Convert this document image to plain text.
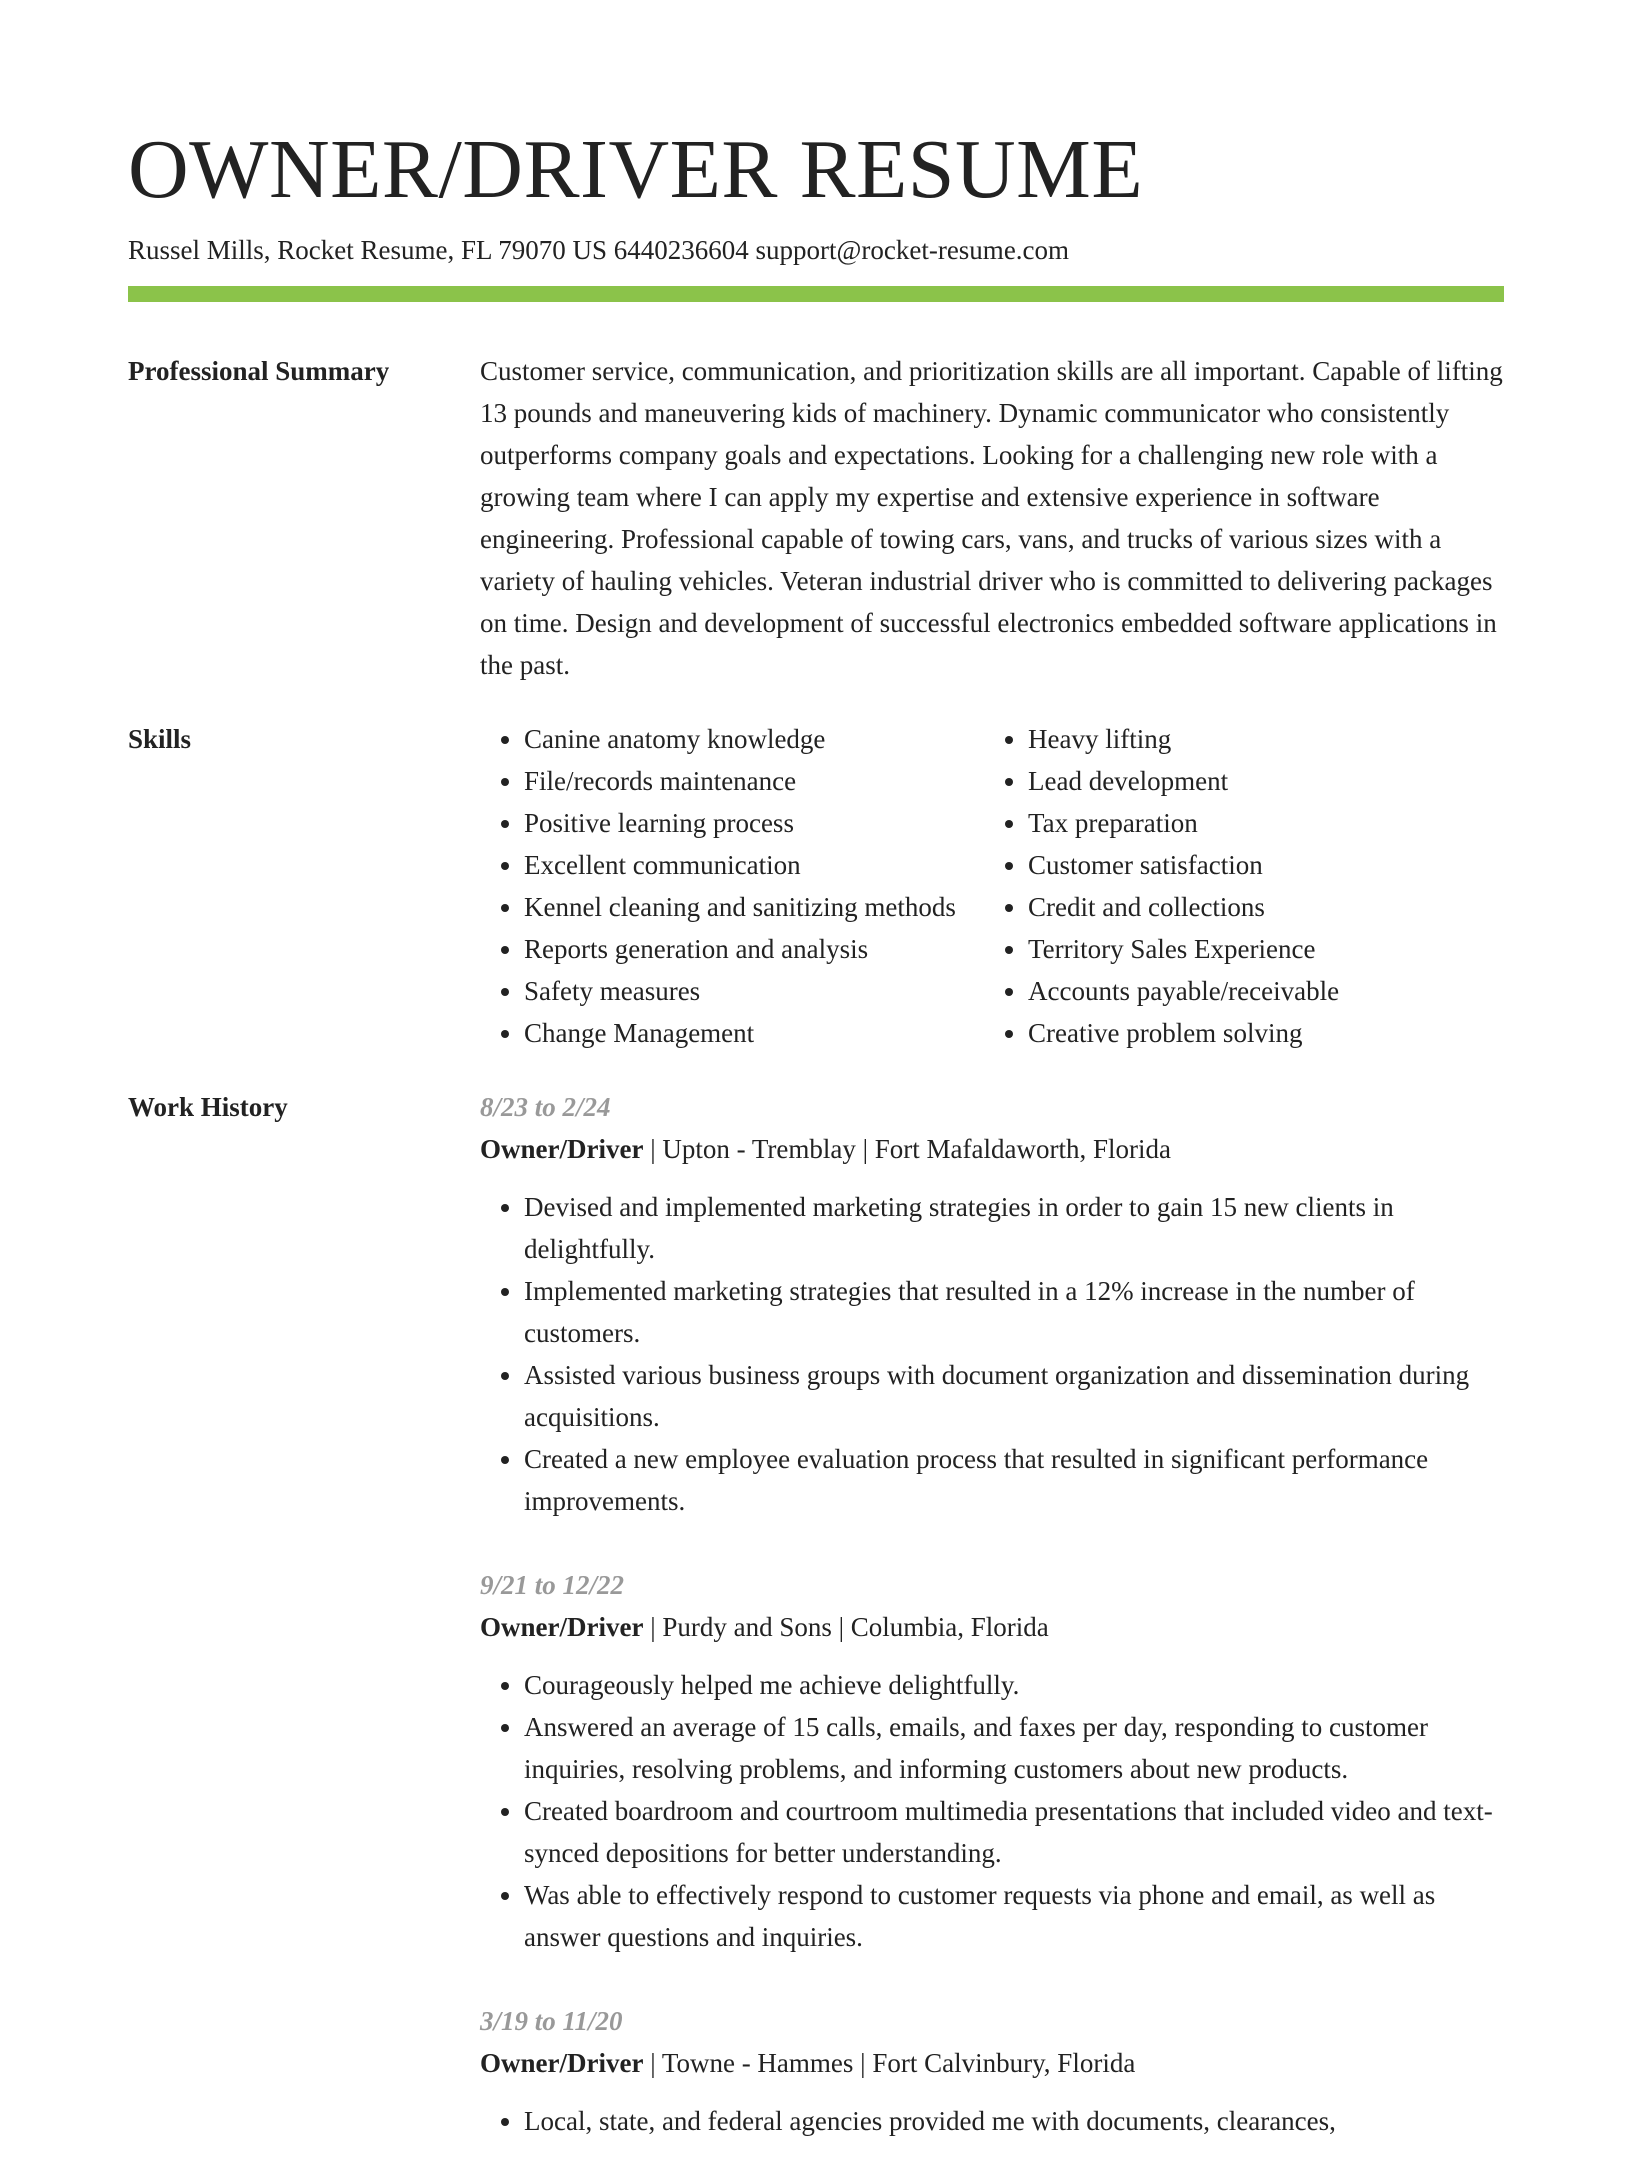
OWNER/DRIVER RESUME
Russel Mills, Rocket Resume, FL 79070 US 6440236604 support@rocket-resume.com
Professional Summary	Customer service, communication, and prioritization skills are all important. Capable of lifting 13 pounds and maneuvering kids of machinery. Dynamic communicator who consistently outperforms company goals and expectations. Looking for a challenging new role with a growing team where I can apply my expertise and extensive experience in software engineering. Professional capable of towing cars, vans, and trucks of various sizes with a variety of hauling vehicles. Veteran industrial driver who is committed to delivering packages on time. Design and development of successful electronics embedded software applications in the past.

Skills
•	Canine anatomy knowledge
• File/records maintenance
• Positive learning process
• Excellent communication
• Kennel cleaning and sanitizing methods
• Reports generation and analysis
• Safety measures
• Change Management
• Heavy lifting
• Lead development
• Tax preparation
• Customer satisfaction
• Credit and collections
• Territory Sales Experience
• Accounts payable/receivable
• Creative problem solving
Work History	8/23 to 2/24
Owner/Driver | Upton - Tremblay | Fort Mafaldaworth, Florida
• Devised and implemented marketing strategies in order to gain 15 new clients in delightfully.
• Implemented marketing strategies that resulted in a 12% increase in the number of customers.
• Assisted various business groups with document organization and dissemination during acquisitions.
• Created a new employee evaluation process that resulted in significant performance improvements.
9/21 to 12/22
Owner/Driver | Purdy and Sons | Columbia, Florida
• Courageously helped me achieve delightfully.
• Answered an average of 15 calls, emails, and faxes per day, responding to customer inquiries, resolving problems, and informing customers about new products.
• Created boardroom and courtroom multimedia presentations that included video and text-synced depositions for better understanding.
• Was able to effectively respond to customer requests via phone and email, as well as answer questions and inquiries.
3/19 to 11/20
Owner/Driver | Towne - Hammes | Fort Calvinbury, Florida
• Local, state, and federal agencies provided me with documents, clearances,
